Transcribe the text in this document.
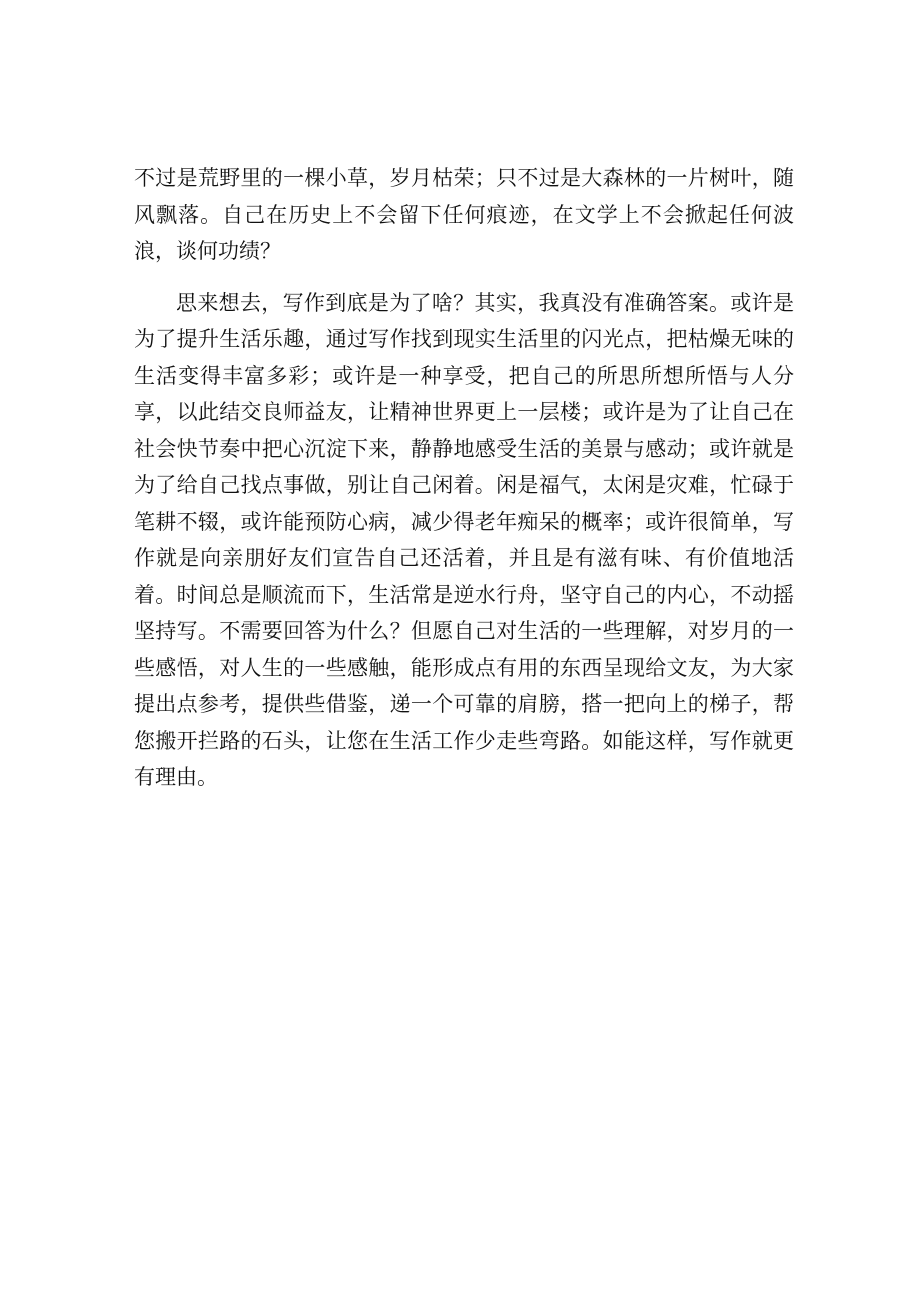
不过是荒野里的一棵小草，岁月枯荣；只不过是大森林的一片树叶，随风飘落。自己在历史上不会留下任何痕迹，在文学上不会掀起任何波浪，谈何功绩？

思来想去，写作到底是为了啥？其实，我真没有准确答案。或许是为了提升生活乐趣，通过写作找到现实生活里的闪光点，把枯燥无味的生活变得丰富多彩；或许是一种享受，把自己的所思所想所悟与人分享，以此结交良师益友，让精神世界更上一层楼；或许是为了让自己在社会快节奏中把心沉淀下来，静静地感受生活的美景与感动；或许就是为了给自己找点事做，别让自己闲着。闲是福气，太闲是灾难，忙碌于笔耕不辍，或许能预防心病，减少得老年痴呆的概率；或许很简单，写作就是向亲朋好友们宣告自己还活着，并且是有滋有味、有价值地活着。时间总是顺流而下，生活常是逆水行舟，坚守自己的内心，不动摇坚持写。不需要回答为什么？但愿自己对生活的一些理解，对岁月的一些感悟，对人生的一些感触，能形成点有用的东西呈现给文友，为大家提出点参考，提供些借鉴，递一个可靠的肩膀，搭一把向上的梯子，帮您搬开拦路的石头，让您在生活工作少走些弯路。如能这样，写作就更有理由。
